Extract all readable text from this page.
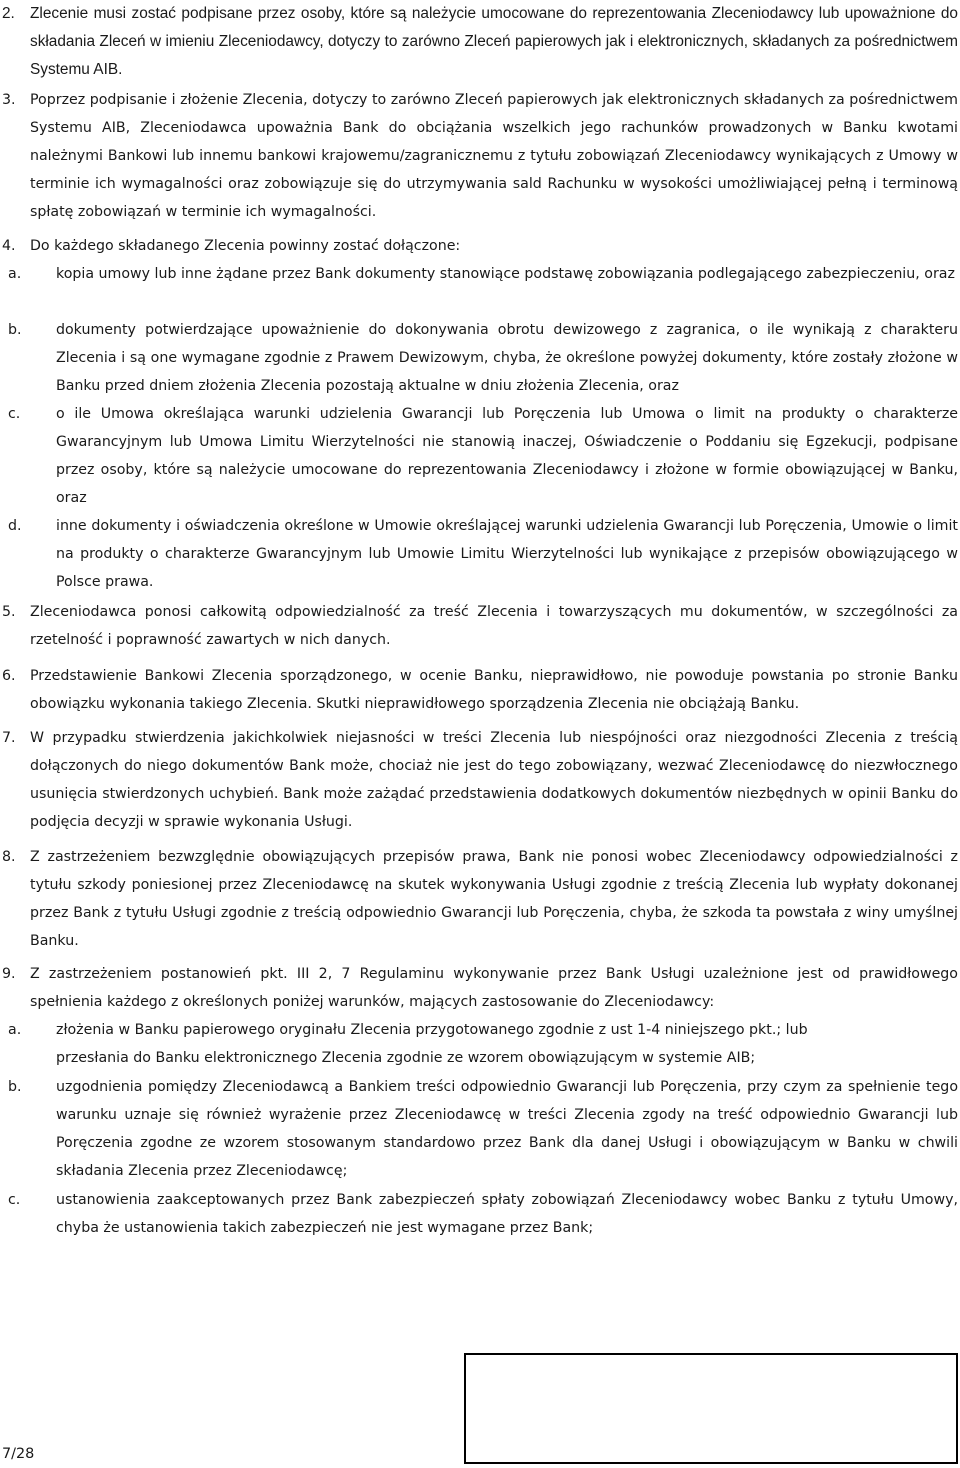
2. Zlecenie musi zostać podpisane przez osoby, które są należycie umocowane do reprezentowania Zleceniodawcy lub upoważnione do składania Zleceń w imieniu Zleceniodawcy, dotyczy to zarówno Zleceń papierowych jak i elektronicznych, składanych za pośrednictwem Systemu AIB.
3.	Poprzez podpisanie i złożenie Zlecenia, dotyczy to zarówno Zleceń papierowych jak elektronicznych składanych za pośrednictwem Systemu AIB, Zleceniodawca upoważnia Bank do obciążania wszelkich jego rachunków prowadzonych w Banku kwotami należnymi Bankowi lub innemu bankowi krajowemu/zagranicznemu z tytułu zobowiązań Zleceniodawcy wynikających z Umowy w terminie ich wymagalności oraz zobowiązuje się do utrzymywania sald Rachunku w wysokości umożliwiającej pełną i terminową spłatę zobowiązań w terminie ich wymagalności.
4.	Do każdego składanego Zlecenia powinny zostać dołączone:
a.	kopia umowy lub inne żądane przez Bank dokumenty stanowiące podstawę zobowiązania podlegającego zabezpieczeniu, oraz
b.	dokumenty potwierdzające upoważnienie do dokonywania obrotu dewizowego z zagranica, o ile wynikają z charakteru Zlecenia i są one wymagane zgodnie z Prawem Dewizowym, chyba, że określone powyżej dokumenty, które zostały złożone w Banku przed dniem złożenia Zlecenia pozostają aktualne w dniu złożenia Zlecenia, oraz
c.	o ile Umowa określająca warunki udzielenia Gwarancji lub Poręczenia lub Umowa o limit na produkty o charakterze Gwarancyjnym lub Umowa Limitu Wierzytelności nie stanowią inaczej, Oświadczenie o Poddaniu się Egzekucji, podpisane przez osoby, które są należycie umocowane do reprezentowania Zleceniodawcy i złożone w formie obowiązującej w Banku, oraz
d.	inne dokumenty i oświadczenia określone w Umowie określającej warunki udzielenia Gwarancji lub Poręczenia, Umowie o limit na produkty o charakterze Gwarancyjnym lub Umowie Limitu Wierzytelności lub wynikające z przepisów obowiązującego w Polsce prawa.
5.	Zleceniodawca ponosi całkowitą odpowiedzialność za treść Zlecenia i towarzyszących mu dokumentów, w szczególności za rzetelność i poprawność zawartych w nich danych.
6.	Przedstawienie Bankowi Zlecenia sporządzonego, w ocenie Banku, nieprawidłowo, nie powoduje powstania po stronie Banku obowiązku wykonania takiego Zlecenia. Skutki nieprawidłowego sporządzenia Zlecenia nie obciążają Banku.
7.	W przypadku stwierdzenia jakichkolwiek niejasności w treści Zlecenia lub niespójności oraz niezgodności Zlecenia z treścią dołączonych do niego dokumentów Bank może, chociaż nie jest do tego zobowiązany, wezwać Zleceniodawcę do niezwłocznego usunięcia stwierdzonych uchybień. Bank może zażądać przedstawienia dodatkowych dokumentów niezbędnych w opinii Banku do podjęcia decyzji w sprawie wykonania Usługi.
8.	Z zastrzeżeniem bezwzględnie obowiązujących przepisów prawa, Bank nie ponosi wobec Zleceniodawcy odpowiedzialności z tytułu szkody poniesionej przez Zleceniodawcę na skutek wykonywania Usługi zgodnie z treścią Zlecenia lub wypłaty dokonanej przez Bank z tytułu Usługi zgodnie z treścią odpowiednio Gwarancji lub Poręczenia, chyba, że szkoda ta powstała z winy umyślnej Banku.
9.	Z zastrzeżeniem postanowień pkt. III 2, 7 Regulaminu wykonywanie przez Bank Usługi uzależnione jest od prawidłowego spełnienia każdego z określonych poniżej warunków, mających zastosowanie do Zleceniodawcy:
a.	złożenia w Banku papierowego oryginału Zlecenia przygotowanego zgodnie z ust 1-4 niniejszego pkt.; lub
przesłania do Banku elektronicznego Zlecenia zgodnie ze wzorem obowiązującym w systemie AIB;
b.	uzgodnienia pomiędzy Zleceniodawcą a Bankiem treści odpowiednio Gwarancji lub Poręczenia, przy czym za spełnienie tego warunku uznaje się również wyrażenie przez Zleceniodawcę w treści Zlecenia zgody na treść odpowiednio Gwarancji lub Poręczenia zgodne ze wzorem stosowanym standardowo przez Bank dla danej Usługi i obowiązującym w Banku w chwili składania Zlecenia przez Zleceniodawcę;
c.	ustanowienia zaakceptowanych przez Bank zabezpieczeń spłaty zobowiązań Zleceniodawcy wobec Banku z tytułu Umowy, chyba że ustanowienia takich zabezpieczeń nie jest wymagane przez Bank;
7/28
